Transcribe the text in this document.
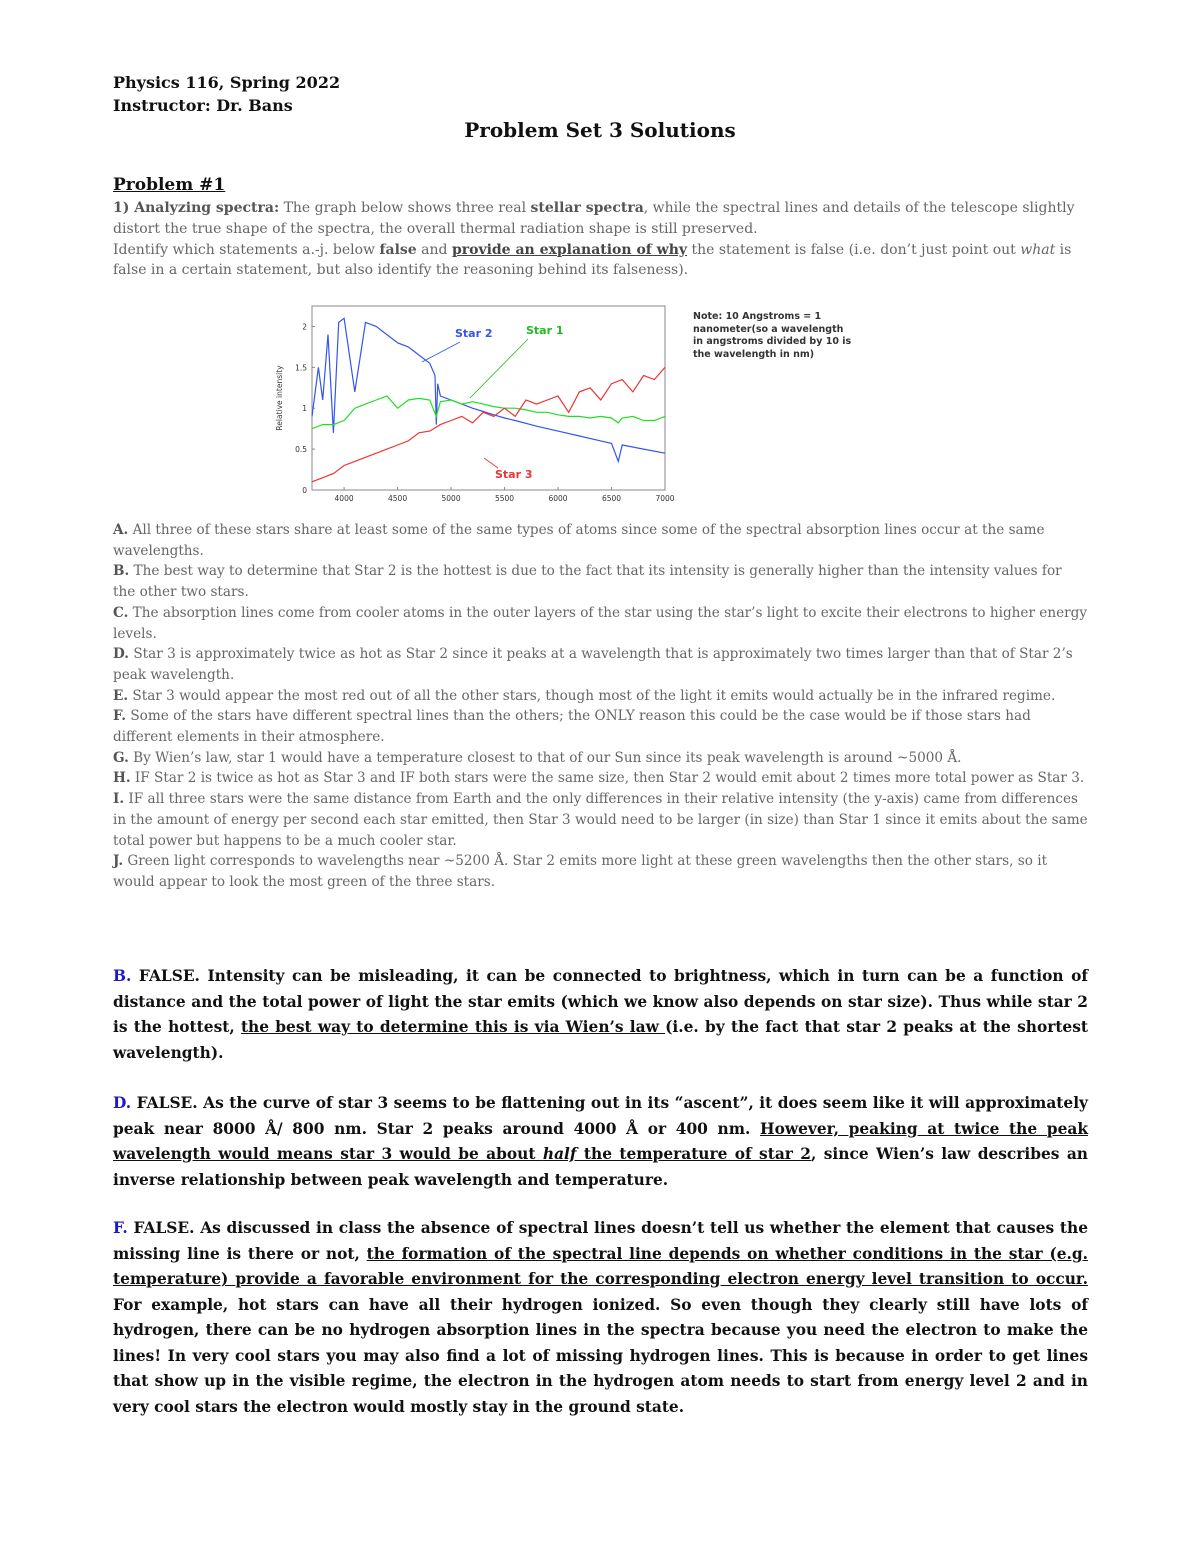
Physics 116, Spring 2022
Instructor: Dr. Bans
Problem Set 3 Solutions
Problem #1
1) Analyzing spectra: The graph below shows three real stellar spectra, while the spectral lines and details of the telescope slightly distort the true shape of the spectra, the overall thermal radiation shape is still preserved.
Identify which statements a.-j. below false and provide an explanation of why the statement is false (i.e. don’t just point out what is false in a certain statement, but also identify the reasoning behind its falseness).
4000	4500	5000	5500	6000	6500	7000
0
0.5
1
1.5
2
Relative intensity
Star 2	Star 1
Star 3
Note: 10 Angstroms = 1 nanometer(so a wavelength in angstroms divided by 10 is the wavelength in nm)

A. All three of these stars share at least some of the same types of atoms since some of the spectral absorption lines occur at the same wavelengths.

B. The best way to determine that Star 2 is the hottest is due to the fact that its intensity is generally higher than the intensity values for the other two stars.

C. The absorption lines come from cooler atoms in the outer layers of the star using the star’s light to excite their electrons to higher energy levels.

D. Star 3 is approximately twice as hot as Star 2 since it peaks at a wavelength that is approximately two times larger than that of Star 2’s peak wavelength.

E. Star 3 would appear the most red out of all the other stars, though most of the light it emits would actually be in the infrared regime.

F. Some of the stars have different spectral lines than the others; the ONLY reason this could be the case would be if those stars had different elements in their atmosphere.

G. By Wien’s law, star 1 would have a temperature closest to that of our Sun since its peak wavelength is around ~5000 Å.

H. IF Star 2 is twice as hot as Star 3 and IF both stars were the same size, then Star 2 would emit about 2 times more total power as Star 3.

I. IF all three stars were the same distance from Earth and the only differences in their relative intensity (the y-axis) came from differences in the amount of energy per second each star emitted, then Star 3 would need to be larger (in size) than Star 1 since it emits about the same total power but happens to be a much cooler star.

J. Green light corresponds to wavelengths near ~5200 Å. Star 2 emits more light at these green wavelengths then the other stars, so it would appear to look the most green of the three stars.

B. FALSE. Intensity can be misleading, it can be connected to brightness, which in turn can be a function of distance and the total power of light the star emits (which we know also depends on star size). Thus while star 2 is the hottest, the best way to determine this is via Wien’s law (i.e. by the fact that star 2 peaks at the shortest wavelength).
D. FALSE. As the curve of star 3 seems to be flattening out in its “ascent”, it does seem like it will approximately peak near 8000 Å/ 800 nm. Star 2 peaks around 4000 Å or 400 nm. However, peaking at twice the peak wavelength would means star 3 would be about half the temperature of star 2, since Wien’s law describes an inverse relationship between peak wavelength and temperature.
F. FALSE. As discussed in class the absence of spectral lines doesn’t tell us whether the element that causes the missing line is there or not, the formation of the spectral line depends on whether conditions in the star (e.g. temperature) provide a favorable environment for the corresponding electron energy level transition to occur. For example, hot stars can have all their hydrogen ionized. So even though they clearly still have lots of hydrogen, there can be no hydrogen absorption lines in the spectra because you need the electron to make the lines! In very cool stars you may also find a lot of missing hydrogen lines. This is because in order to get lines that show up in the visible regime, the electron in the hydrogen atom needs to start from energy level 2 and in very cool stars the electron would mostly stay in the ground state.
